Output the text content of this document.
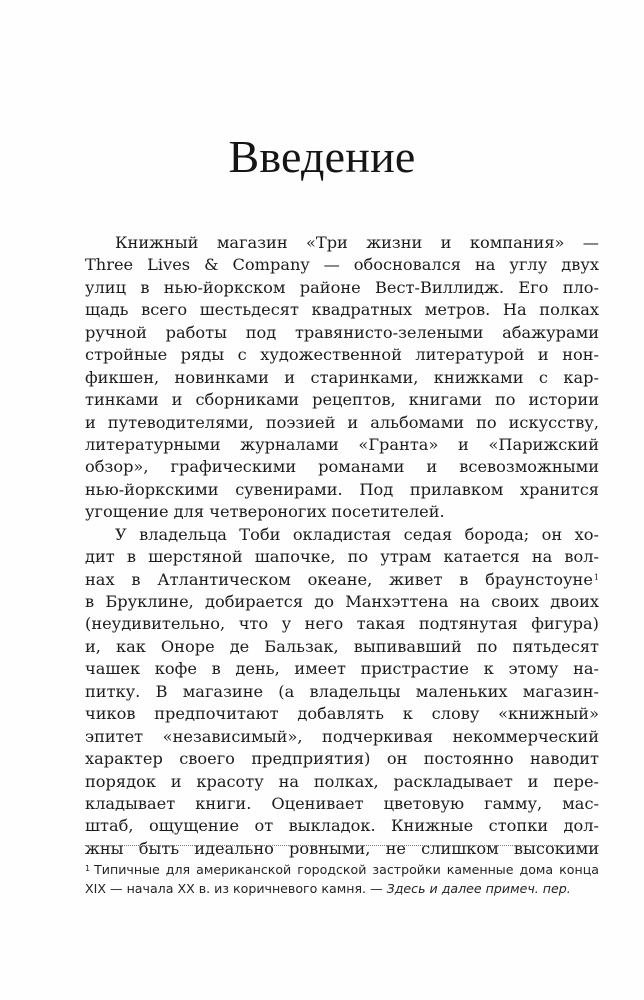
Введение
Книжный магазин «Три жизни и компания» —
Three Lives & Company — обосновался на углу двух
улиц в нью-йоркском районе Вест-Виллидж. Его пло-
щадь всего шестьдесят квадратных метров. На полках
ручной работы под травянисто-зелеными абажурами
стройные ряды с художественной литературой и нон-
фикшен, новинками и старинками, книжками с кар-
тинками и сборниками рецептов, книгами по истории
и путеводителями, поэзией и альбомами по искусству,
литературными журналами «Гранта» и «Парижский
обзор», графическими романами и всевозможными
нью-йоркскими сувенирами. Под прилавком хранится
угощение для четвероногих посетителей.
У владельца Тоби окладистая седая борода; он хо-
дит в шерстяной шапочке, по утрам катается на вол-
нах в Атлантическом океане, живет в браунстоуне$^1$
в Бруклине, добирается до Манхэттена на своих двоих
(неудивительно, что у него такая подтянутая фигура)
и, как Оноре де Бальзак, выпивавший по пятьдесят
чашек кофе в день, имеет пристрастие к этому на-
питку. В магазине (а владельцы маленьких магазин-
чиков предпочитают добавлять к слову «книжный»
эпитет «независимый», подчеркивая некоммерческий
характер своего предприятия) он постоянно наводит
порядок и красоту на полках, раскладывает и пере-
кладывает книги. Оценивает цветовую гамму, мас-
штаб, ощущение от выкладок. Книжные стопки дол-
жны быть идеально ровными, не слишком высокими
$^1$ Типичные для американской городской застройки каменные дома конца
XIX — начала XX в. из коричневого камня. — Здесь и далее примеч. пер.
